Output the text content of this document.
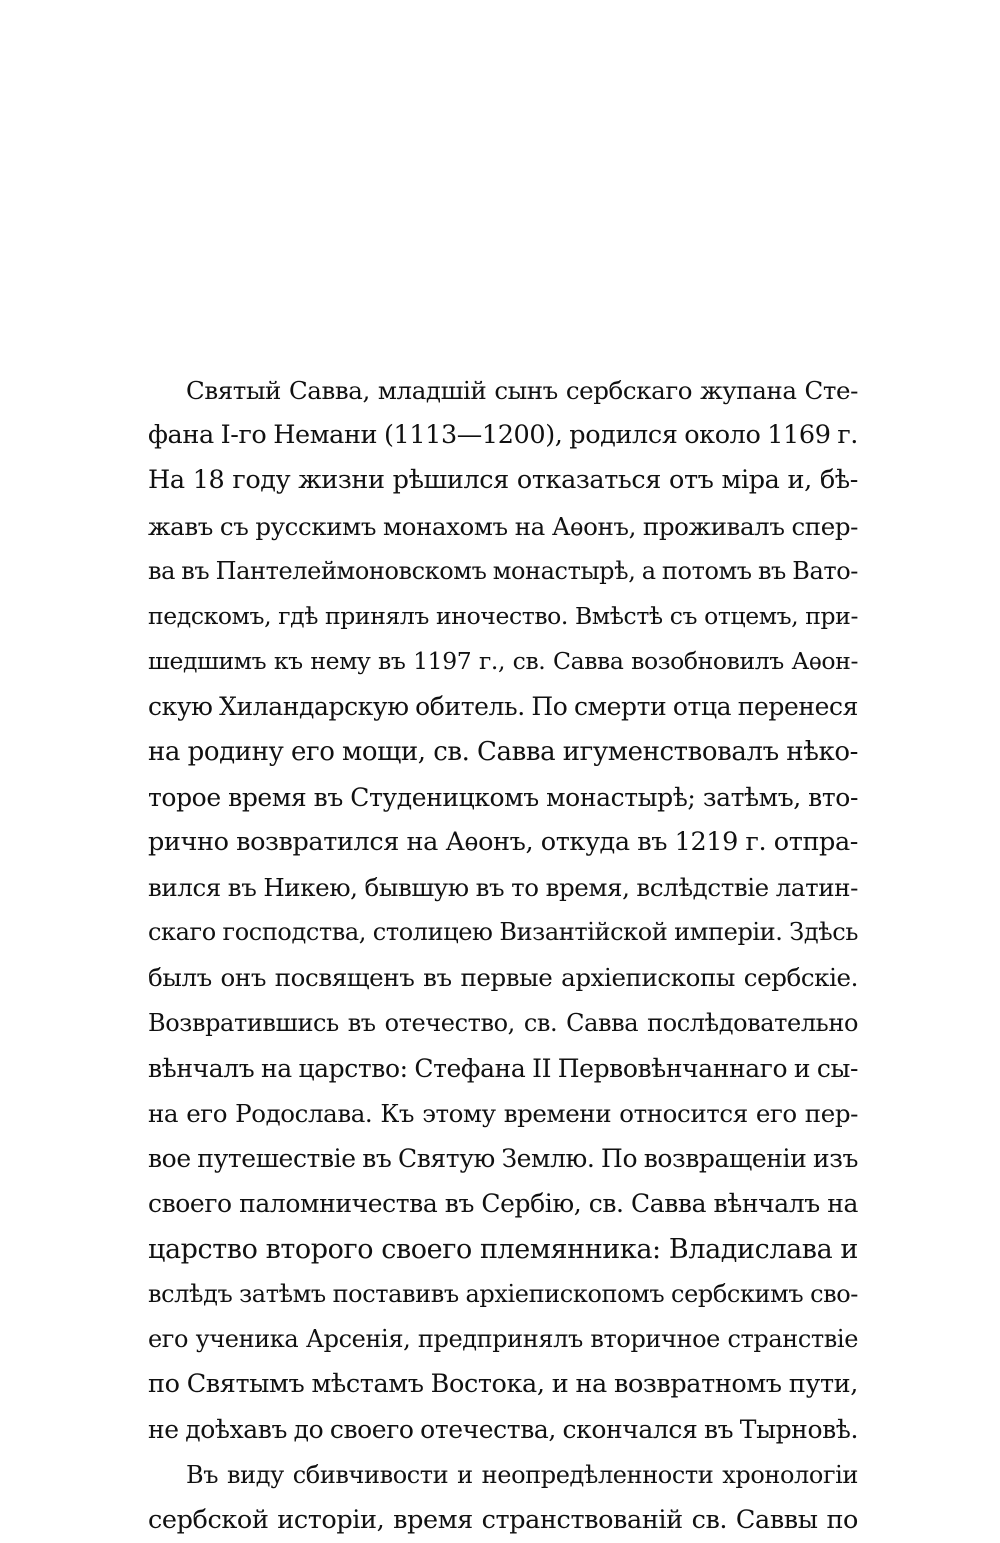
Святый Савва, младшій сынъ сербскаго жупана Сте-
фана I-го Немани (1113—1200), родился около 1169 г.
На 18 году жизни рѣшился отказаться отъ міра и, бѣ-
жавъ съ русскимъ монахомъ на Аѳонъ, проживалъ спер-
ва въ Пантелеймоновскомъ монастырѣ, а потомъ въ Вато-
педскомъ, гдѣ принялъ иночество. Вмѣстѣ съ отцемъ, при-
шедшимъ къ нему въ 1197 г., св. Савва возобновилъ Аѳон-
скую Хиландарскую обитель. По смерти отца перенеся
на родину его мощи, св. Савва игуменствовалъ нѣко-
торое время въ Студеницкомъ монастырѣ; затѣмъ, вто-
рично возвратился на Аѳонъ, откуда въ 1219 г. отпра-
вился въ Никею, бывшую въ то время, вслѣдствіе латин-
скаго господства, столицею Византійской имперіи. Здѣсь
былъ онъ посвященъ въ первые архіепископы сербскіе.
Возвратившись въ отечество, св. Савва послѣдовательно
вѣнчалъ на царство: Стефана II Первовѣнчаннаго и сы-
на его Родослава. Къ этому времени относится его пер-
вое путешествіе въ Святую Землю. По возвращеніи изъ
своего паломничества въ Сербію, св. Савва вѣнчалъ на
царство второго своего племянника: Владислава и
вслѣдъ затѣмъ поставивъ архіепископомъ сербскимъ сво-
его ученика Арсенія, предпринялъ вторичное странствіе
по Святымъ мѣстамъ Востока, и на возвратномъ пути,
не доѣхавъ до своего отечества, скончался въ Тырновѣ.
Въ виду сбивчивости и неопредѣленности хронологіи
сербской исторіи, время странствованій св. Саввы по
